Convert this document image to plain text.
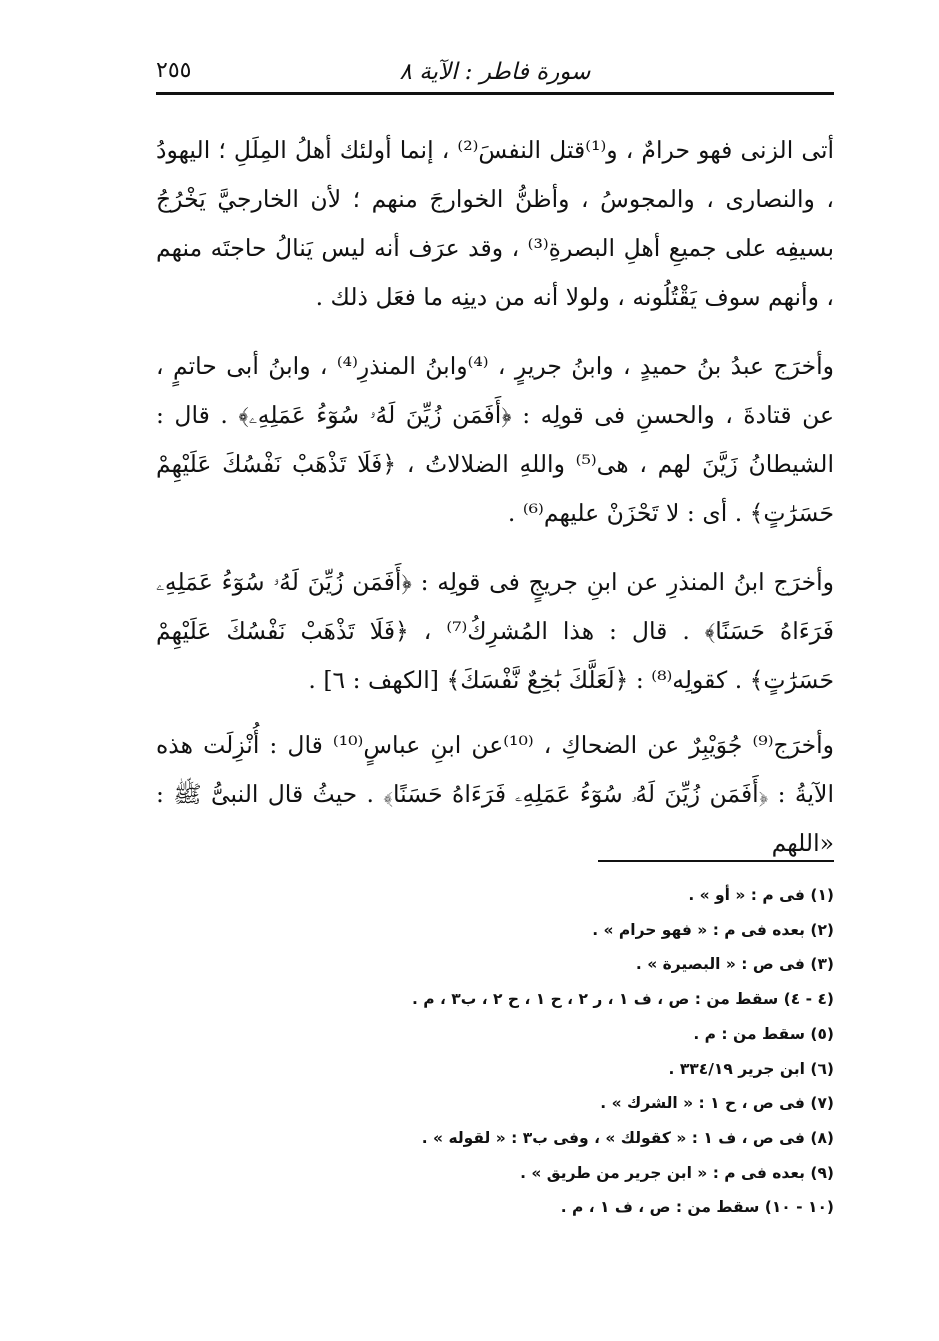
سورة فاطر : الآية ٨
٢٥٥

أتى الزنى فهو حرامٌ ، و⁽¹⁾قتل النفسَ⁽²⁾ ، إنما أولئك أهلُ المِلَلِ ؛ اليهودُ ، والنصارى ، والمجوسُ ، وأظنُّ الخوارجَ منهم ؛ لأن الخارجيَّ يَخْرُجُ بسيفِه على جميعِ أهلِ البصرةِ⁽³⁾ ، وقد عرَف أنه ليس يَنالُ حاجتَه منهم ، وأنهم سوف يَقْتُلُونه ، ولولا أنه من دينِه ما فعَل ذلك .

وأخرَج عبدُ بنُ حميدٍ ، وابنُ جريرٍ ، ⁽⁴⁾وابنُ المنذرِ⁽⁴⁾ ، وابنُ أبى حاتمٍ ، عن قتادةَ ، والحسنِ فى قولِه : ﴿أَفَمَن زُيِّنَ لَهُۥ سُوٓءُ عَمَلِهِۦ﴾ . قال : الشيطانُ زَيَّنَ لهم ، هى⁽⁵⁾ واللهِ الضلالاتُ ، ﴿فَلَا تَذْهَبْ نَفْسُكَ عَلَيْهِمْ حَسَرَٰتٍ﴾ . أى : لا تَحْزَنْ عليهم⁽⁶⁾ .

وأخرَج ابنُ المنذرِ عن ابنِ جريجٍ فى قولِه : ﴿أَفَمَن زُيِّنَ لَهُۥ سُوٓءُ عَمَلِهِۦ فَرَءَاهُ حَسَنًا﴾ . قال : هذا المُشرِكُ⁽⁷⁾ ، ﴿فَلَا تَذْهَبْ نَفْسُكَ عَلَيْهِمْ حَسَرَٰتٍ﴾ . كقولِه⁽⁸⁾ : ﴿لَعَلَّكَ بَٰخِعٌ نَّفْسَكَ﴾ [الكهف : ٦] .

وأخرَج⁽⁹⁾ جُوَيْبِرٌ عن الضحاكِ ، ⁽¹⁰⁾عن ابنِ عباسٍ⁽¹⁰⁾ قال : أُنْزِلَت هذه الآيةُ : ﴿أَفَمَن زُيِّنَ لَهُۥ سُوٓءُ عَمَلِهِۦ فَرَءَاهُ حَسَنًا﴾ . حيثُ قال النبىُّ ﷺ : «اللهم

(١) فى م : « أو » .
(٢) بعده فى م : « فهو حرام » .
(٣) فى ص : « البصيرة » .
(٤ - ٤) سقط من : ص ، ف ١ ، ر ٢ ، ح ١ ، ح ٢ ، ب٣ ، م .
(٥) سقط من : م .
(٦) ابن جرير ٣٣٤/١٩ .
(٧) فى ص ، ح ١ : « الشرك » .
(٨) فى ص ، ف ١ : « كقولك » ، وفى ب٣ : « لقوله » .
(٩) بعده فى م : « ابن جرير من طريق » .
(١٠ - ١٠) سقط من : ص ، ف ١ ، م .
